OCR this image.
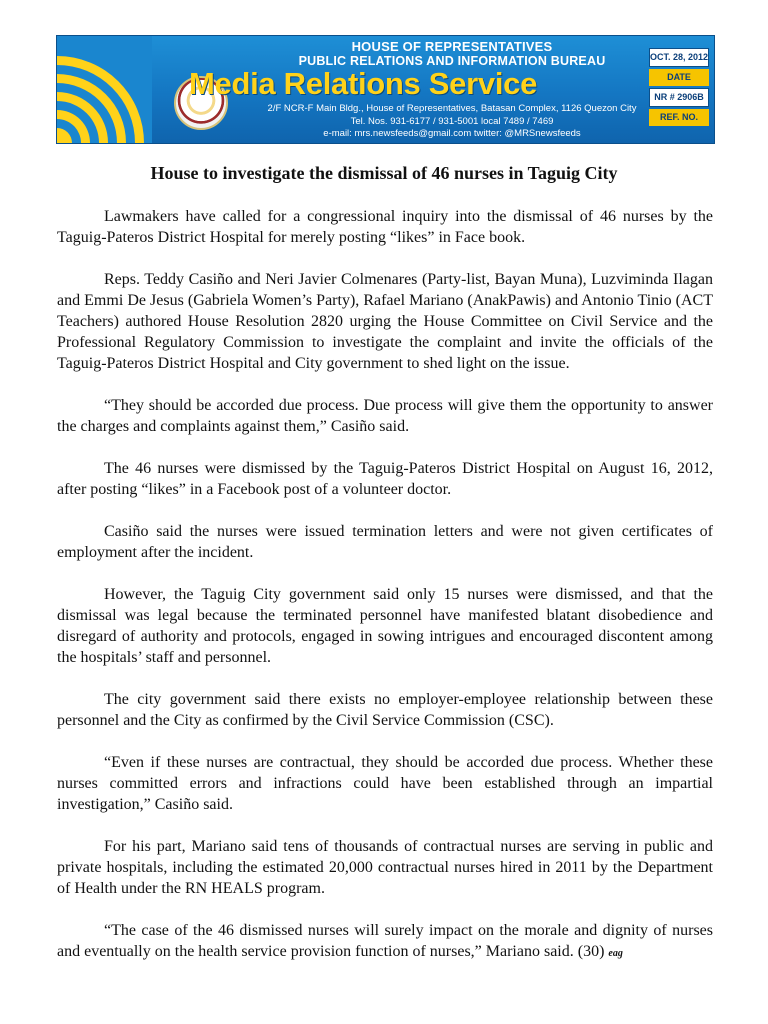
HOUSE OF REPRESENTATIVES
PUBLIC RELATIONS AND INFORMATION BUREAU
Media Relations Service
2/F NCR-F Main Bldg., House of Representatives, Batasan Complex, 1126 Quezon City
Tel. Nos. 931-6177 / 931-5001 local 7489 / 7469
e-mail: mrs.newsfeeds@gmail.com twitter: @MRSnewsfeeds
OCT. 28, 2012
DATE
NR # 2906B
REF. NO.
House to investigate the dismissal of 46 nurses in Taguig City

Lawmakers have called for a congressional inquiry into the dismissal of 46 nurses by the Taguig-Pateros District Hospital for merely posting “likes” in Face book.

Reps. Teddy Casiño and Neri Javier Colmenares (Party-list, Bayan Muna), Luzviminda Ilagan and Emmi De Jesus (Gabriela Women’s Party), Rafael Mariano (AnakPawis) and Antonio Tinio (ACT Teachers) authored House Resolution 2820 urging the House Committee on Civil Service and the Professional Regulatory Commission to investigate the complaint and invite the officials of the Taguig-Pateros District Hospital and City government to shed light on the issue.

“They should be accorded due process. Due process will give them the opportunity to answer the charges and complaints against them,” Casiño said.

The 46 nurses were dismissed by the Taguig-Pateros District Hospital on August 16, 2012, after posting “likes” in a Facebook post of a volunteer doctor.

Casiño said the nurses were issued termination letters and were not given certificates of employment after the incident.

However, the Taguig City government said only 15 nurses were dismissed, and that the dismissal was legal because the terminated personnel have manifested blatant disobedience and disregard of authority and protocols, engaged in sowing intrigues and encouraged discontent among the hospitals’ staff and personnel.

The city government said there exists no employer-employee relationship between these personnel and the City as confirmed by the Civil Service Commission (CSC).

“Even if these nurses are contractual, they should be accorded due process. Whether these nurses committed errors and infractions could have been established through an impartial investigation,” Casiño said.

For his part, Mariano said tens of thousands of contractual nurses are serving in public and private hospitals, including the estimated 20,000 contractual nurses hired in 2011 by the Department of Health under the RN HEALS program.

“The case of the 46 dismissed nurses will surely impact on the morale and dignity of nurses and eventually on the health service provision function of nurses,” Mariano said. (30) eag
